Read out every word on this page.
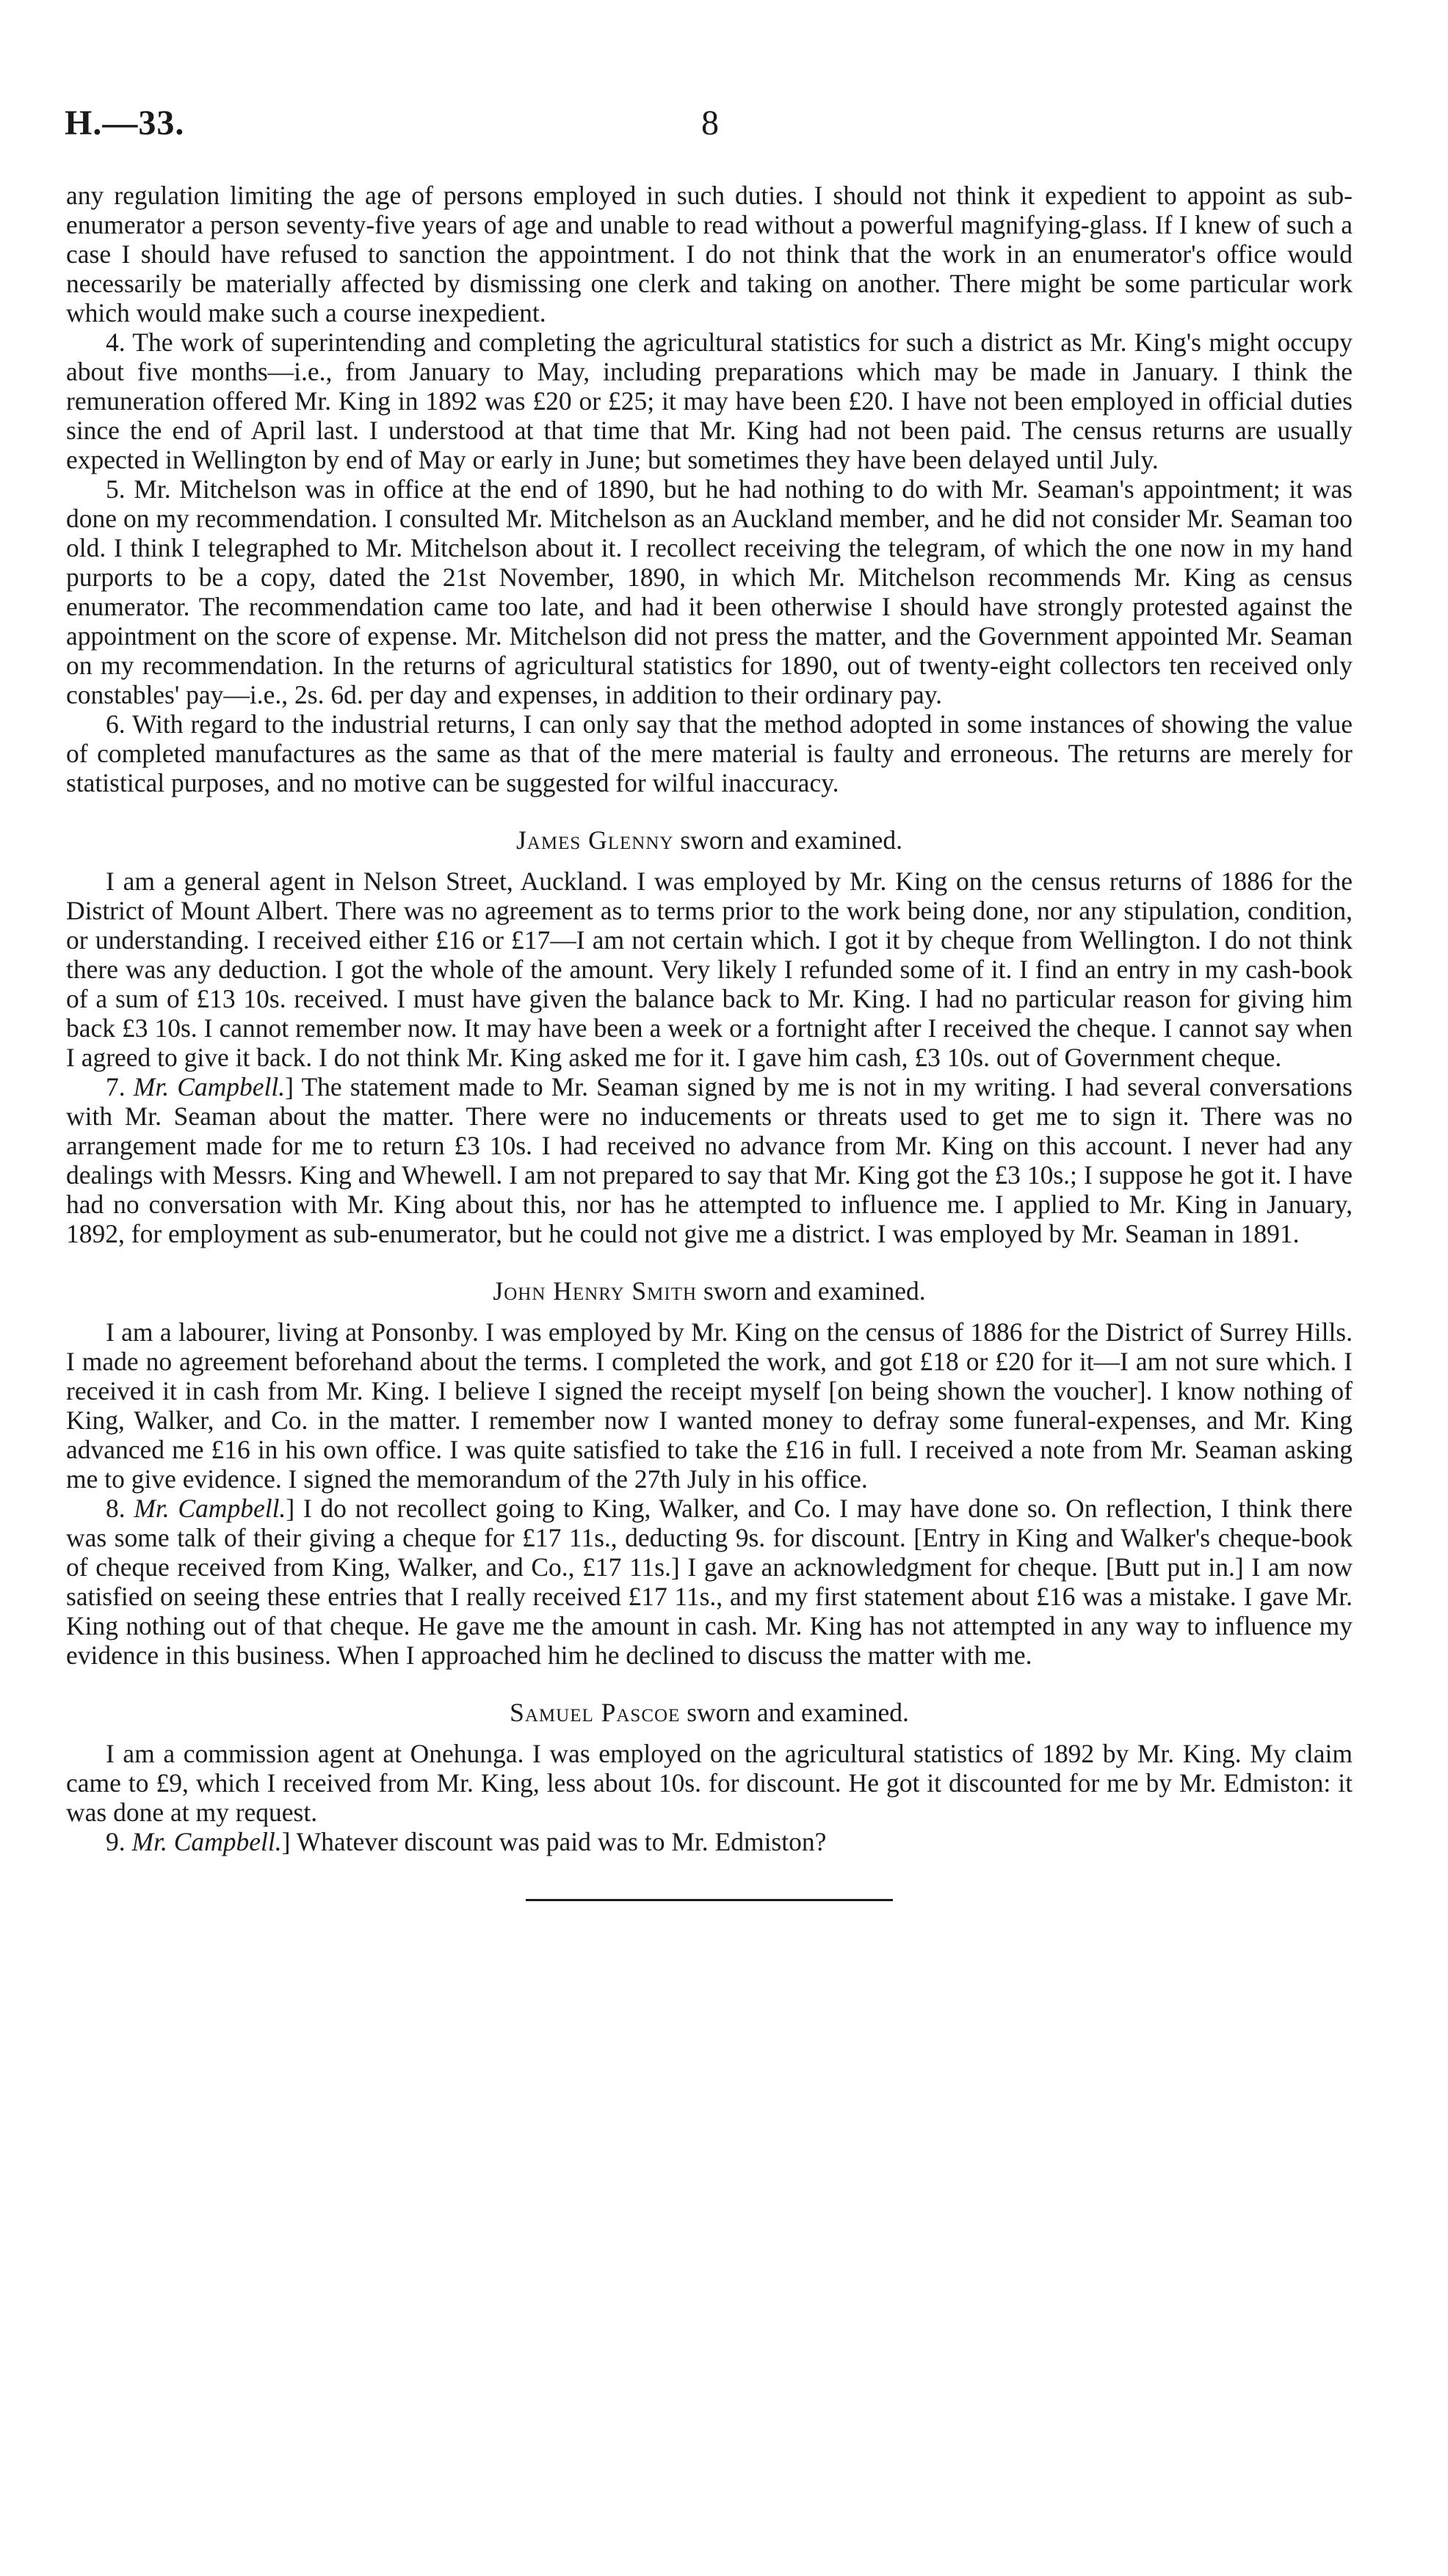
H.—33.	8

any regulation limiting the age of persons employed in such duties. I should not think it expedient to appoint as sub-enumerator a person seventy-five years of age and unable to read without a powerful magnifying-glass. If I knew of such a case I should have refused to sanction the appointment. I do not think that the work in an enumerator's office would necessarily be materially affected by dismissing one clerk and taking on another. There might be some particular work which would make such a course inexpedient.

4. The work of superintending and completing the agricultural statistics for such a district as Mr. King's might occupy about five months—i.e., from January to May, including preparations which may be made in January. I think the remuneration offered Mr. King in 1892 was £20 or £25; it may have been £20. I have not been employed in official duties since the end of April last. I understood at that time that Mr. King had not been paid. The census returns are usually expected in Wellington by end of May or early in June; but sometimes they have been delayed until July.

5. Mr. Mitchelson was in office at the end of 1890, but he had nothing to do with Mr. Seaman's appointment; it was done on my recommendation. I consulted Mr. Mitchelson as an Auckland member, and he did not consider Mr. Seaman too old. I think I telegraphed to Mr. Mitchelson about it. I recollect receiving the telegram, of which the one now in my hand purports to be a copy, dated the 21st November, 1890, in which Mr. Mitchelson recommends Mr. King as census enumerator. The recommendation came too late, and had it been otherwise I should have strongly protested against the appointment on the score of expense. Mr. Mitchelson did not press the matter, and the Government appointed Mr. Seaman on my recommendation. In the returns of agricultural statistics for 1890, out of twenty-eight collectors ten received only constables' pay—i.e., 2s. 6d. per day and expenses, in addition to their ordinary pay.

6. With regard to the industrial returns, I can only say that the method adopted in some instances of showing the value of completed manufactures as the same as that of the mere material is faulty and erroneous. The returns are merely for statistical purposes, and no motive can be suggested for wilful inaccuracy.

James Glenny sworn and examined.

I am a general agent in Nelson Street, Auckland. I was employed by Mr. King on the census returns of 1886 for the District of Mount Albert. There was no agreement as to terms prior to the work being done, nor any stipulation, condition, or understanding. I received either £16 or £17—I am not certain which. I got it by cheque from Wellington. I do not think there was any deduction. I got the whole of the amount. Very likely I refunded some of it. I find an entry in my cash-book of a sum of £13 10s. received. I must have given the balance back to Mr. King. I had no particular reason for giving him back £3 10s. I cannot remember now. It may have been a week or a fortnight after I received the cheque. I cannot say when I agreed to give it back. I do not think Mr. King asked me for it. I gave him cash, £3 10s. out of Government cheque.

7. Mr. Campbell.] The statement made to Mr. Seaman signed by me is not in my writing. I had several conversations with Mr. Seaman about the matter. There were no inducements or threats used to get me to sign it. There was no arrangement made for me to return £3 10s. I had received no advance from Mr. King on this account. I never had any dealings with Messrs. King and Whewell. I am not prepared to say that Mr. King got the £3 10s.; I suppose he got it. I have had no conversation with Mr. King about this, nor has he attempted to influence me. I applied to Mr. King in January, 1892, for employment as sub-enumerator, but he could not give me a district. I was employed by Mr. Seaman in 1891.

John Henry Smith sworn and examined.

I am a labourer, living at Ponsonby. I was employed by Mr. King on the census of 1886 for the District of Surrey Hills. I made no agreement beforehand about the terms. I completed the work, and got £18 or £20 for it—I am not sure which. I received it in cash from Mr. King. I believe I signed the receipt myself [on being shown the voucher]. I know nothing of King, Walker, and Co. in the matter. I remember now I wanted money to defray some funeral-expenses, and Mr. King advanced me £16 in his own office. I was quite satisfied to take the £16 in full. I received a note from Mr. Seaman asking me to give evidence. I signed the memorandum of the 27th July in his office.

8. Mr. Campbell.] I do not recollect going to King, Walker, and Co. I may have done so. On reflection, I think there was some talk of their giving a cheque for £17 11s., deducting 9s. for discount. [Entry in King and Walker's cheque-book of cheque received from King, Walker, and Co., £17 11s.] I gave an acknowledgment for cheque. [Butt put in.] I am now satisfied on seeing these entries that I really received £17 11s., and my first statement about £16 was a mistake. I gave Mr. King nothing out of that cheque. He gave me the amount in cash. Mr. King has not attempted in any way to influence my evidence in this business. When I approached him he declined to discuss the matter with me.

Samuel Pascoe sworn and examined.

I am a commission agent at Onehunga. I was employed on the agricultural statistics of 1892 by Mr. King. My claim came to £9, which I received from Mr. King, less about 10s. for discount. He got it discounted for me by Mr. Edmiston: it was done at my request.

9. Mr. Campbell.] Whatever discount was paid was to Mr. Edmiston?
